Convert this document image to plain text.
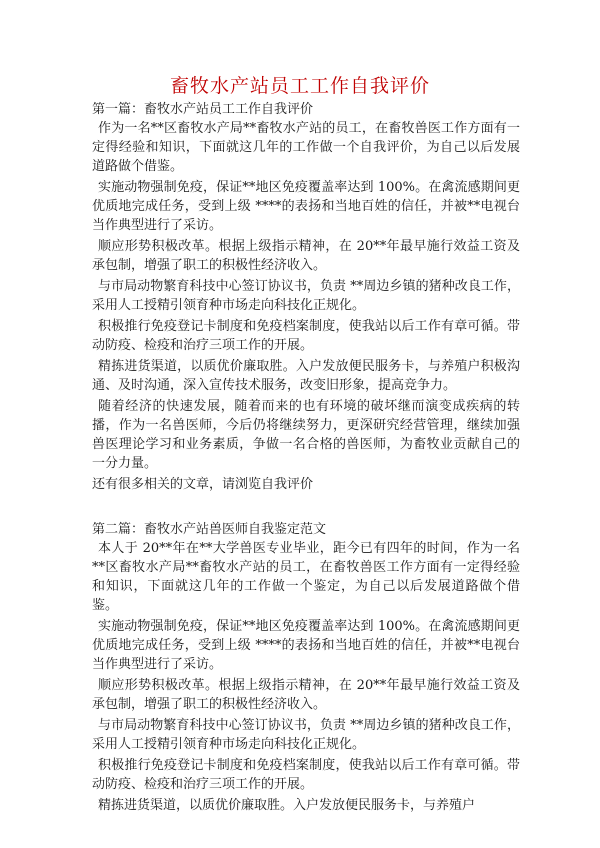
畜牧水产站员工工作自我评价
第一篇：畜牧水产站员工工作自我评价

作为一名**区畜牧水产局**畜牧水产站的员工，在畜牧兽医工作方面有一定得经验和知识，下面就这几年的工作做一个自我评价，为自己以后发展道路做个借鉴。

实施动物强制免疫，保证**地区免疫覆盖率达到 100%。在禽流感期间更优质地完成任务，受到上级 ****的表扬和当地百姓的信任，并被**电视台当作典型进行了采访。

顺应形势积极改革。根据上级指示精神，在 20**年最早施行效益工资及承包制，增强了职工的积极性经济收入。

与市局动物繁育科技中心签订协议书，负责 **周边乡镇的猪种改良工作，采用人工授精引领育种市场走向科技化正规化。

积极推行免疫登记卡制度和免疫档案制度，使我站以后工作有章可循。带动防疫、检疫和治疗三项工作的开展。

精拣进货渠道，以质优价廉取胜。入户发放便民服务卡，与养殖户积极沟通、及时沟通，深入宣传技术服务，改变旧形象，提高竞争力。

随着经济的快速发展，随着而来的也有环境的破坏继而演变成疾病的转播，作为一名兽医师，今后仍将继续努力，更深研究经营管理，继续加强兽医理论学习和业务素质，争做一名合格的兽医师，为畜牧业贡献自己的一分力量。

还有很多相关的文章，请浏览自我评价

第二篇：畜牧水产站兽医师自我鉴定范文

本人于 20**年在**大学兽医专业毕业，距今已有四年的时间，作为一名**区畜牧水产局**畜牧水产站的员工，在畜牧兽医工作方面有一定得经验和知识，下面就这几年的工作做一个鉴定，为自己以后发展道路做个借鉴。

实施动物强制免疫，保证**地区免疫覆盖率达到 100%。在禽流感期间更优质地完成任务，受到上级 ****的表扬和当地百姓的信任，并被**电视台当作典型进行了采访。

顺应形势积极改革。根据上级指示精神，在 20**年最早施行效益工资及承包制，增强了职工的积极性经济收入。

与市局动物繁育科技中心签订协议书，负责 **周边乡镇的猪种改良工作，采用人工授精引领育种市场走向科技化正规化。

积极推行免疫登记卡制度和免疫档案制度，使我站以后工作有章可循。带动防疫、检疫和治疗三项工作的开展。

精拣进货渠道，以质优价廉取胜。入户发放便民服务卡，与养殖户
